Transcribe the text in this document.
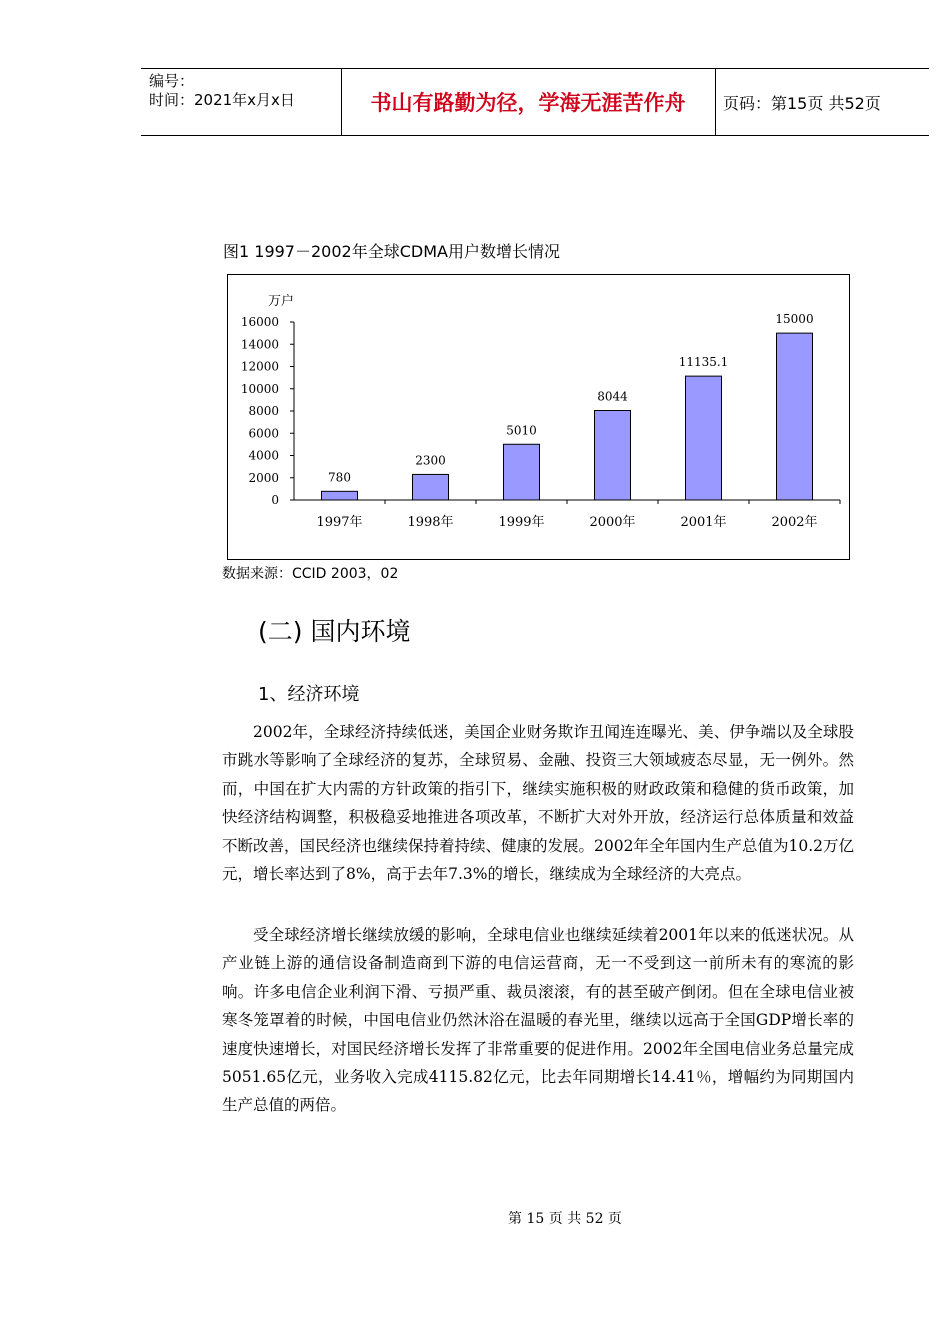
编号：
时间：2021年x月x日	书山有路勤为径，学海无涯苦作舟	页码：第15页 共52页
图1 1997－2002年全球CDMA用户数增长情况
万户
0
2000
4000
6000
8000
10000
12000
14000
16000
780
1997年
2300
1998年
5010
1999年
8044
2000年
11135.1
2001年
15000
2002年
数据来源：CCID 2003，02
(二) 国内环境
1、经济环境

2002年，全球经济持续低迷，美国企业财务欺诈丑闻连连曝光、美、伊争端以及全球股市跳水等影响了全球经济的复苏，全球贸易、金融、投资三大领域疲态尽显，无一例外。然而，中国在扩大内需的方针政策的指引下，继续实施积极的财政政策和稳健的货币政策，加快经济结构调整，积极稳妥地推进各项改革，不断扩大对外开放，经济运行总体质量和效益不断改善，国民经济也继续保持着持续、健康的发展。2002年全年国内生产总值为10.2万亿元，增长率达到了8%，高于去年7.3%的增长，继续成为全球经济的大亮点。

受全球经济增长继续放缓的影响，全球电信业也继续延续着2001年以来的低迷状况。从产业链上游的通信设备制造商到下游的电信运营商，无一不受到这一前所未有的寒流的影响。许多电信企业利润下滑、亏损严重、裁员滚滚，有的甚至破产倒闭。但在全球电信业被寒冬笼罩着的时候，中国电信业仍然沐浴在温暖的春光里，继续以远高于全国GDP增长率的速度快速增长，对国民经济增长发挥了非常重要的促进作用。2002年全国电信业务总量完成5051.65亿元，业务收入完成4115.82亿元，比去年同期增长14.41％，增幅约为同期国内生产总值的两倍。

第 15 页 共 52 页
